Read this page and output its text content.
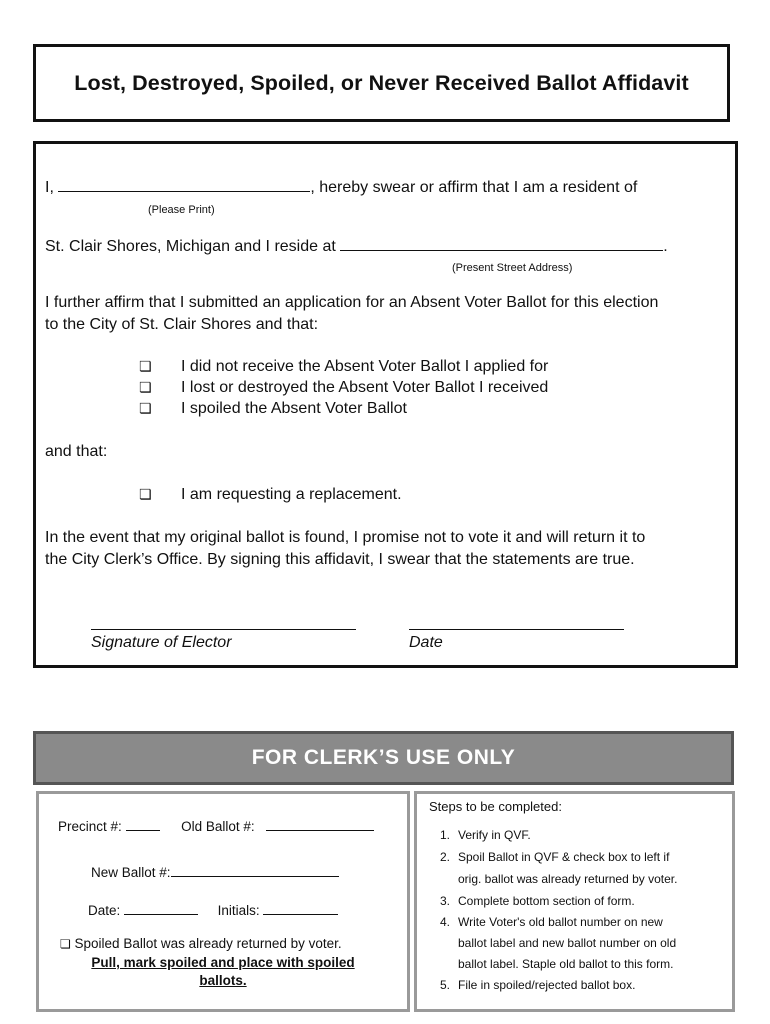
Lost, Destroyed, Spoiled, or Never Received Ballot Affidavit
I,	, hereby swear or affirm that I am a resident of
(Please Print)
St. Clair Shores, Michigan and I reside at	.
(Present Street Address)
I further affirm that I submitted an application for an Absent Voter Ballot for this election
to the City of St. Clair Shores and that:
❏ I did not receive the Absent Voter Ballot I applied for
❏ I lost or destroyed the Absent Voter Ballot I received
❏ I spoiled the Absent Voter Ballot
and that:
❏ I am requesting a replacement.
In the event that my original ballot is found, I promise not to vote it and will return it to
the City Clerk’s Office. By signing this affidavit, I swear that the statements are true.
Signature of Elector	Date
FOR CLERK’S USE ONLY
Precinct #:	Old Ballot #:
New Ballot #:
Date:	Initials:
❏ Spoiled Ballot was already returned by voter.
Pull, mark spoiled and place with spoiled
ballots.
Steps to be completed:
1. Verify in QVF.
2. Spoil Ballot in QVF & check box to left if
orig. ballot was already returned by voter.
3. Complete bottom section of form.
4. Write Voter's old ballot number on new
ballot label and new ballot number on old
ballot label. Staple old ballot to this form.
5. File in spoiled/rejected ballot box.
